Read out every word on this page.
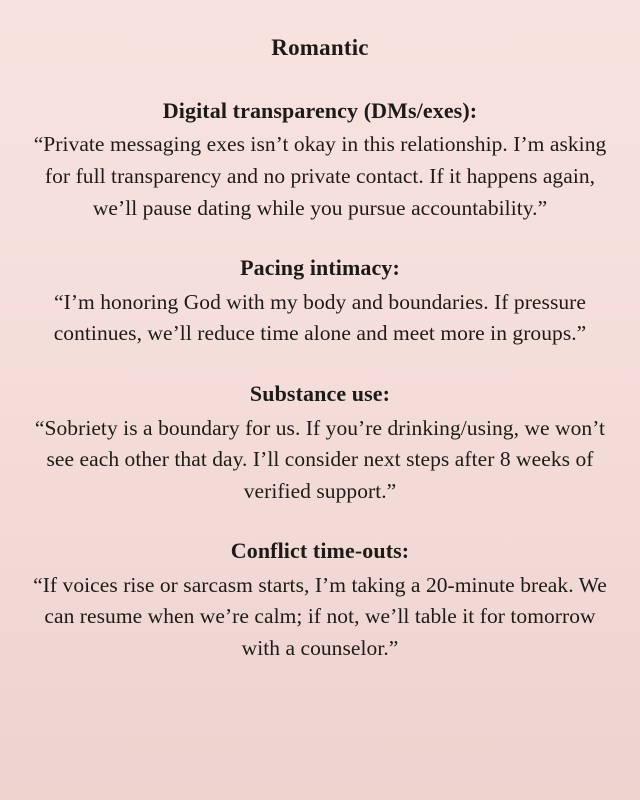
Romantic
Digital transparency (DMs/exes):

“Private messaging exes isn’t okay in this relationship. I’m asking for full transparency and no private contact. If it happens again, we’ll pause dating while you pursue accountability.”

Pacing intimacy:

“I’m honoring God with my body and boundaries. If pressure continues, we’ll reduce time alone and meet more in groups.”

Substance use:

“Sobriety is a boundary for us. If you’re drinking/using, we won’t see each other that day. I’ll consider next steps after 8 weeks of verified support.”

Conflict time-outs:

“If voices rise or sarcasm starts, I’m taking a 20-minute break. We can resume when we’re calm; if not, we’ll table it for tomorrow with a counselor.”
